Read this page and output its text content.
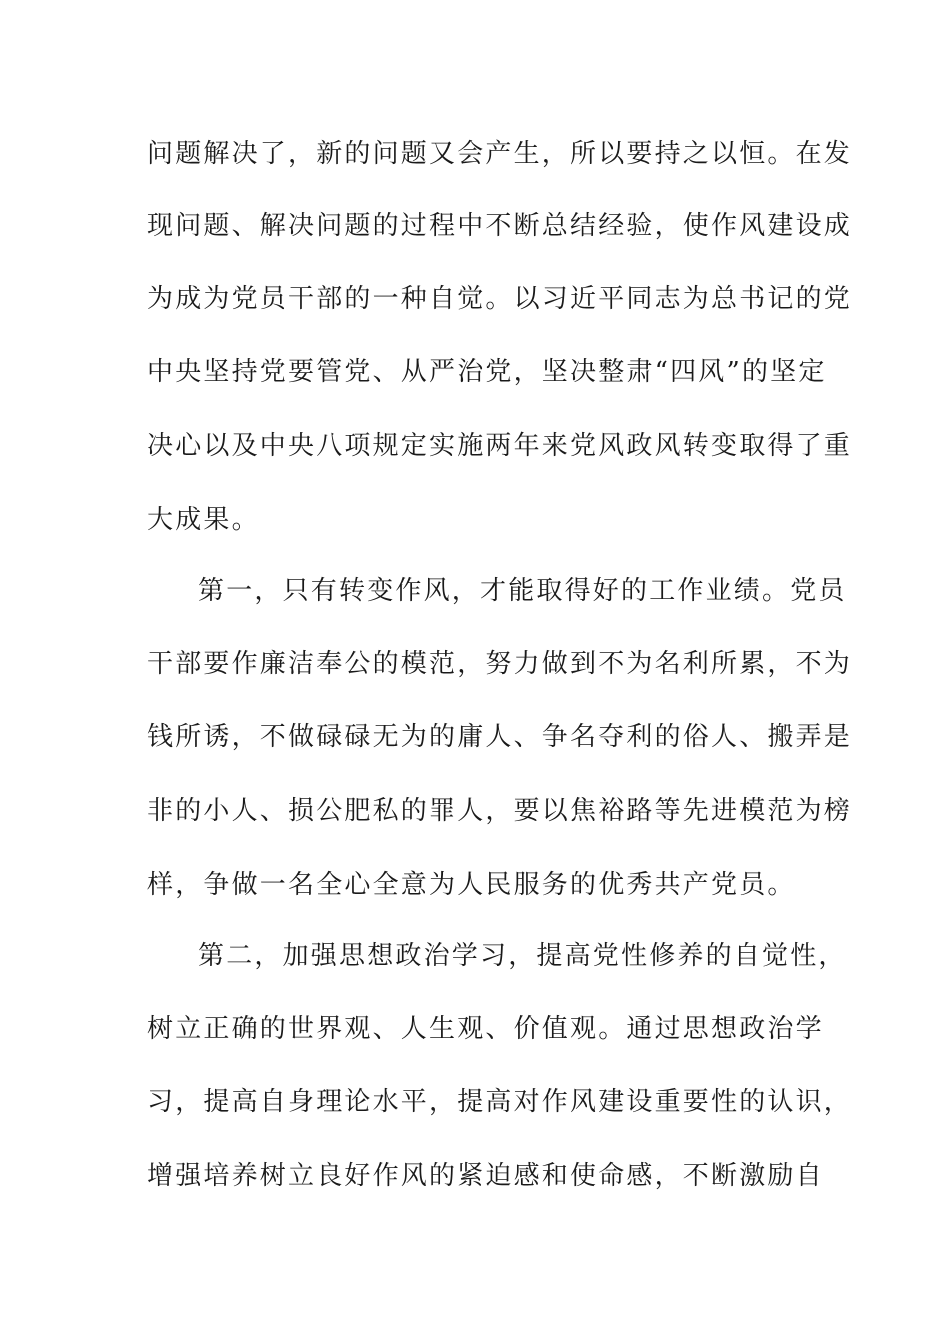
问题解决了，新的问题又会产生，所以要持之以恒。在发
现问题、解决问题的过程中不断总结经验，使作风建设成
为成为党员干部的一种自觉。以习近平同志为总书记的党
中央坚持党要管党、从严治党，坚决整肃“四风”的坚定
决心以及中央八项规定实施两年来党风政风转变取得了重
大成果。
第一，只有转变作风，才能取得好的工作业绩。党员
干部要作廉洁奉公的模范，努力做到不为名利所累，不为
钱所诱，不做碌碌无为的庸人、争名夺利的俗人、搬弄是
非的小人、损公肥私的罪人，要以焦裕路等先进模范为榜
样，争做一名全心全意为人民服务的优秀共产党员。
第二，加强思想政治学习，提高党性修养的自觉性，
树立正确的世界观、人生观、价值观。通过思想政治学
习，提高自身理论水平，提高对作风建设重要性的认识，
增强培养树立良好作风的紧迫感和使命感，不断激励自
